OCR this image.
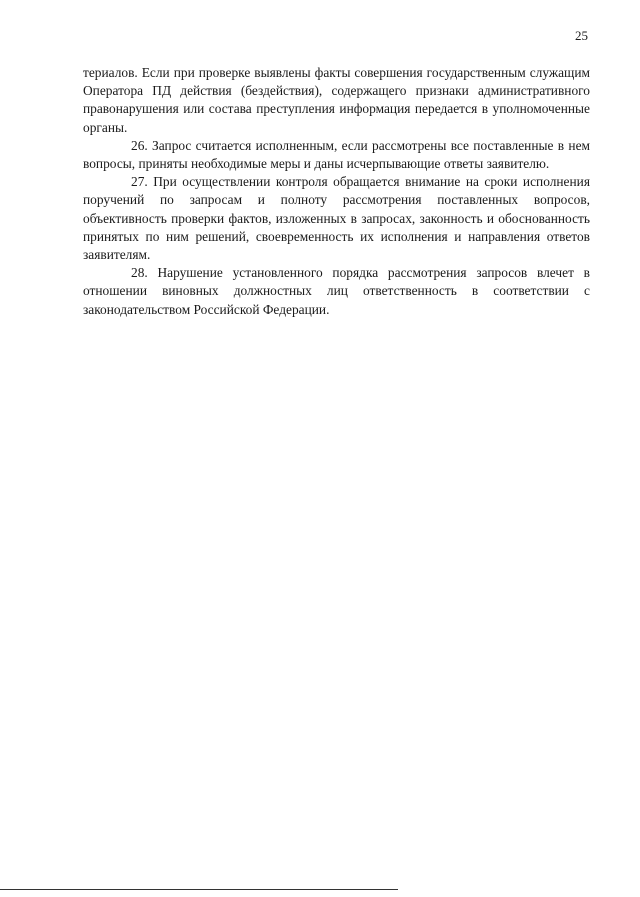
25

териалов. Если при проверке выявлены факты совершения государственным служащим Оператора ПД действия (бездействия), содержащего признаки административного правонарушения или состава преступления информация передается в уполномоченные органы.

26. Запрос считается исполненным, если рассмотрены все поставленные в нем вопросы, приняты необходимые меры и даны исчерпывающие ответы заявителю.

27. При осуществлении контроля обращается внимание на сроки исполнения поручений по запросам и полноту рассмотрения поставленных вопросов, объективность проверки фактов, изложенных в запросах, законность и обоснованность принятых по ним решений, своевременность их исполнения и направления ответов заявителям.

28. Нарушение установленного порядка рассмотрения запросов влечет в отношении виновных должностных лиц ответственность в соответствии с законодательством Российской Федерации.
